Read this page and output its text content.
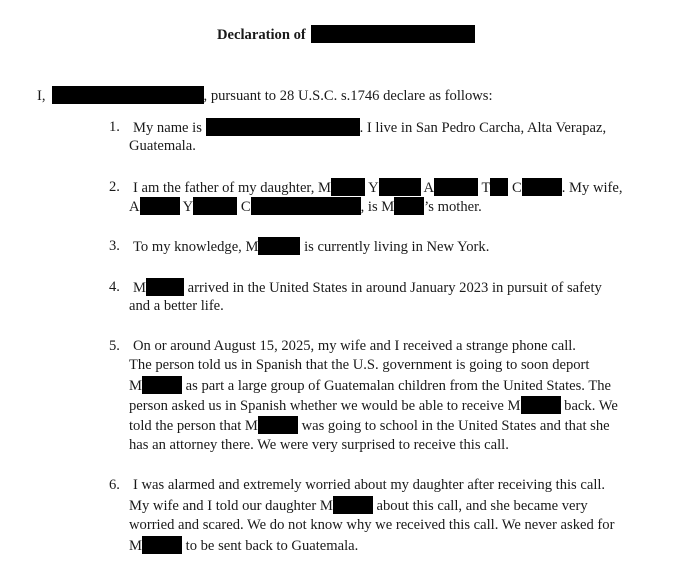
Declaration of
I,	, pursuant to 28 U.S.C. s.1746 declare as follows:
1. My name is	. I live in San Pedro Carcha, Alta Verapaz,
Guatemala.
2. I am the father of my daughter, M	Y	A	T C	. My wife,
A	Y	C	, is M ’s mother.
3. To my knowledge, M	is currently living in New York.
4. M	arrived in the United States in around January 2023 in pursuit of safety
and a better life.
5. On or around August 15, 2025, my wife and I received a strange phone call.
The person told us in Spanish that the U.S. government is going to soon deport
M	as part a large group of Guatemalan children from the United States. The
person asked us in Spanish whether we would be able to receive M	back. We
told the person that M	was going to school in the United States and that she
has an attorney there. We were very surprised to receive this call.
6. I was alarmed and extremely worried about my daughter after receiving this call.
My wife and I told our daughter M	about this call, and she became very
worried and scared. We do not know why we received this call. We never asked for
M	to be sent back to Guatemala.
